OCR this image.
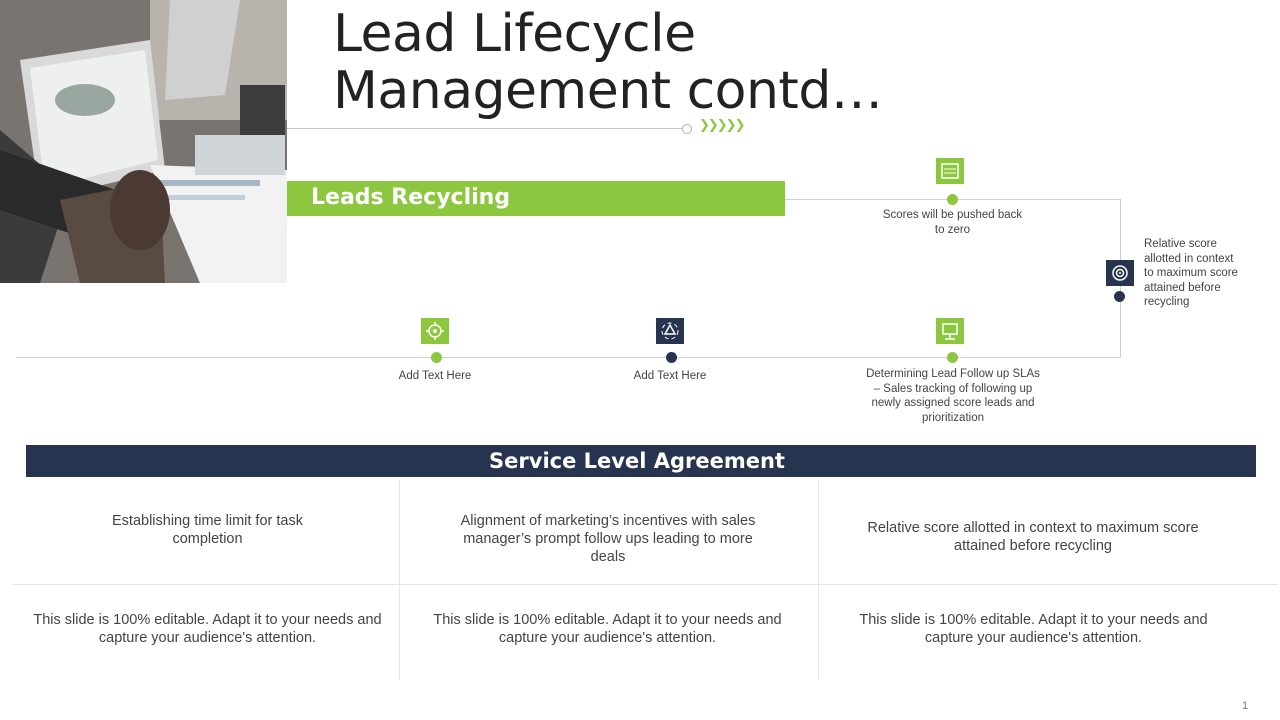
Lead Lifecycle Management contd…
❯❯❯❯❯
Leads Recycling
Add Text Here	Add Text Here	Determining Lead Follow up SLAs – Sales tracking of following up newly assigned score leads and prioritization
Relative score allotted in context to maximum score attained before recycling
Scores will be pushed back to zero
Service Level Agreement
Establishing time limit for task completion
Alignment of marketing’s incentives with sales manager’s prompt follow ups leading to more deals
Relative score allotted in context to maximum score attained before recycling
This slide is 100% editable. Adapt it to your needs and capture your audience's attention.
This slide is 100% editable. Adapt it to your needs and capture your audience's attention.
This slide is 100% editable. Adapt it to your needs and capture your audience's attention.
1
